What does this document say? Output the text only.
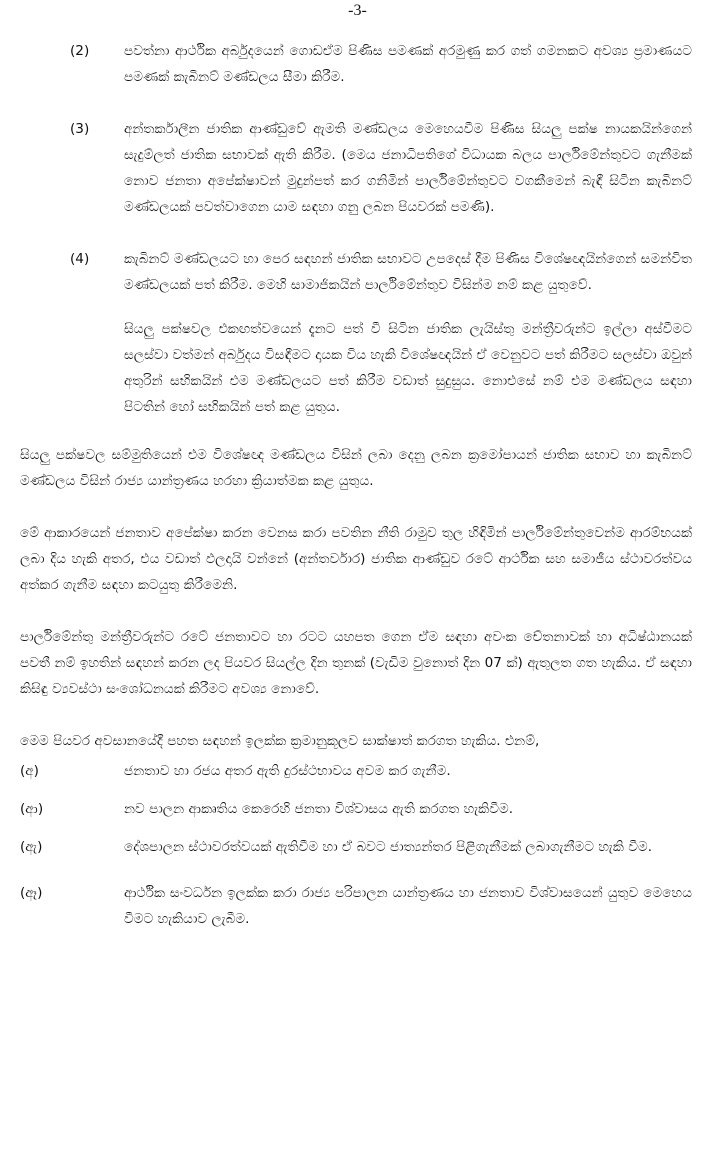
-3-

(2)	පවත්නා ආර්ථික අර්බුදයෙන් ගොඩඒම පිණිස පමණක් අරමුණු කර ගත් ගමනකට අවශ්‍ය ප්‍රමාණයට පමණක් කැබිනට් මණ්ඩලය සීමා කිරීම.

(3)	අන්තර්කාලීන ජාතික ආණ්ඩුවේ ඇමති මණ්ඩලය මෙහෙයවීම පිණිස සියලු පක්ෂ නායකයින්ගෙන් සැදුම්ලත් ජාතික සභාවක් ඇති කිරීම. (මෙය ජනාධිපතිගේ විධායක බලය පාර්ලිමේන්තුවට ගැනීමක් නොව ජනතා අපේක්ෂාවන් මුදුන්පත් කර ගනිමින් පාර්ලිමේන්තුවට වගකීමෙන් බැඳී සිටින කැබිනට් මණ්ඩලයක් පවත්වාගෙන යාම සඳහා ගනු ලබන පියවරක් පමණි).

(4)	කැබිනට් මණ්ඩලයට හා පෙර සඳහන් ජාතික සභාවට උපදෙස් දීම පිණිස විශේෂඥයින්ගෙන් සමන්විත මණ්ඩලයක් පත් කිරීම. මෙහි සාමාජිකයින් පාර්ලිමේන්තුව විසින්ම නම් කළ යුතුවේ.

සියලු පක්ෂවල එකඟත්වයෙන් දැනට පත් වී සිටින ජාතික ලැයිස්තු මන්ත්‍රීවරුන්ට ඉල්ලා අස්වීමට සලස්වා වත්මන් අර්බුදය විසඳීමට දායක විය හැකි විශේෂඥයින් ඒ වෙනුවට පත් කිරීමට සලස්වා ඔවුන් අතුරින් සභිකයින් එම මණ්ඩලයට පත් කිරීම වඩාත් සුදුසුය. නොඑසේ නම් එම මණ්ඩලය සඳහා පිටතින් හෝ සභිකයින් පත් කළ යුතුය.

සියලු පක්ෂවල සම්මුතියෙන් එම විශේෂඥ මණ්ඩලය විසින් ලබා දෙනු ලබන ක්‍රමෝපායන් ජාතික සභාව හා කැබිනට් මණ්ඩලය විසින් රාජ්‍ය යාන්ත්‍රණය හරහා ක්‍රියාත්මක කළ යුතුය.

මේ ආකාරයෙන් ජනතාව අපේක්ෂා කරන වෙනස කරා පවතින නීති රාමුව තුල හිඳිමින් පාර්ලිමේන්තුවෙන්ම ආරම්භයක් ලබා දිය හැකි අතර, එය වඩාත් ඵලදායි වන්නේ (අන්තර්වාර) ජාතික ආණ්ඩුව රටේ ආර්ථික සහ සමාජීය ස්ථාවරත්වය අත්කර ගැනීම සඳහා කටයුතු කිරීමෙනි.

පාර්ලිමේන්තු මන්ත්‍රීවරුන්ට රටේ ජනතාවට හා රටට යහපත ගෙන ඒම සඳහා අවංක චේතනාවක් හා අධිෂ්ඨානයක් පවතී නම් ඉහතින් සඳහන් කරන ලද පියවර සියල්ල දින තුනක් (වැඩිම වුනොත් දින 07 ක්) ඇතුලත ගත හැකිය. ඒ සඳහා කිසිඳු ව්‍යවස්ථා සංශෝධනයක් කිරීමට අවශ්‍ය නොවේ.

මෙම පියවර අවසානයේදී පහත සඳහන් ඉලක්ක ක්‍රමානුකූලව සාක්ෂාත් කරගත හැකිය. එනම්,

(අ)	ජනතාව හා රජය අතර ඇති දුරස්ථභාවය අවම කර ගැනීම.

(ආ)	නව පාලන ආකෘතිය කෙරෙහි ජනතා විශ්වාසය ඇති කරගත හැකිවීම.

(ඇ)	දේශපාලන ස්ථාවරත්වයක් ඇතිවීම හා ඒ බවට ජාත්‍යන්තර පිළිගැනීමක් ලබාගැනීමට හැකි වීම.

(ඈ)	ආර්ථික සංවර්ධන ඉලක්ක කරා රාජ්‍ය පරිපාලන යාන්ත්‍රණය හා ජනතාව විශ්වාසයෙන් යුතුව මෙහෙය වීමට හැකියාව ලැබීම.
